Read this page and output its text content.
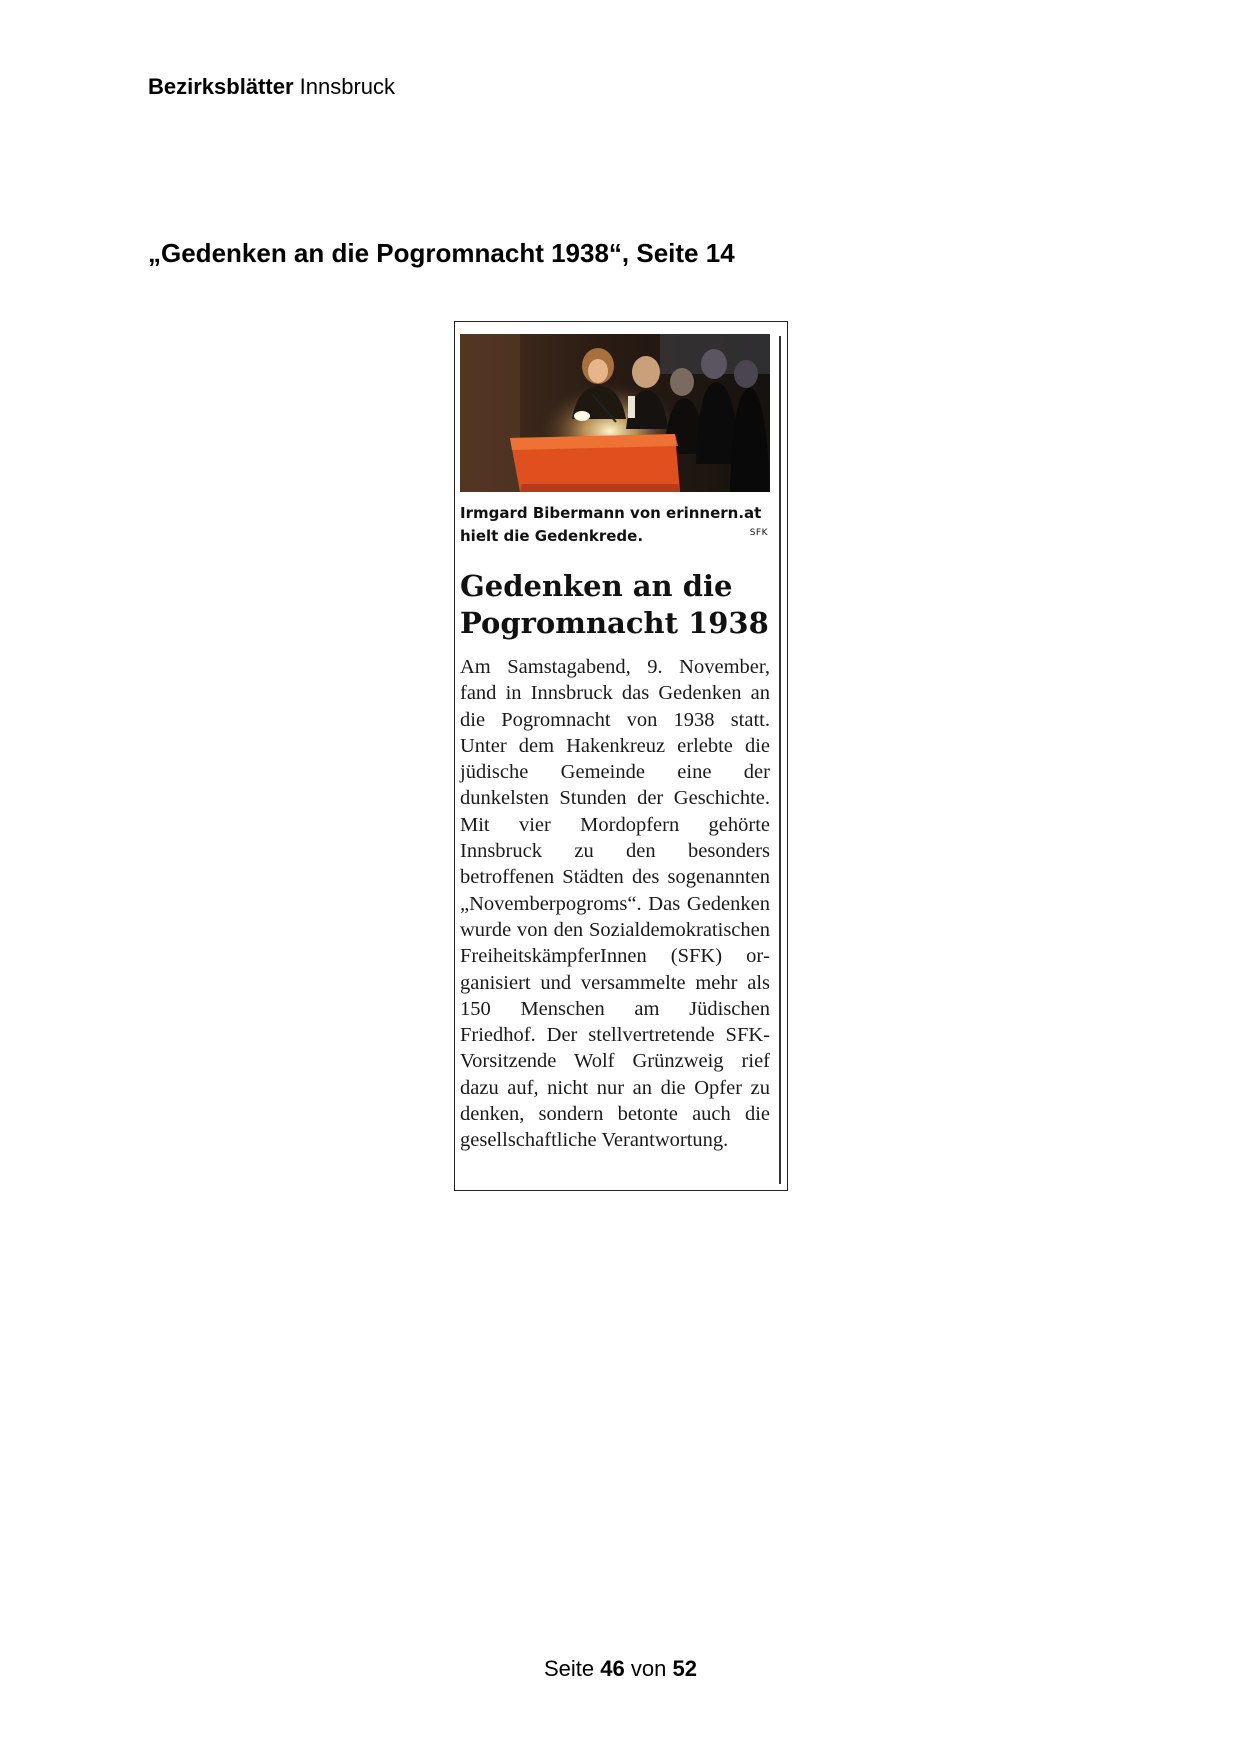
Bezirksblätter Innsbruck
„Gedenken an die Pogromnacht 1938“, Seite 14
Irmgard Bibermann von erinnern.at hielt die Gedenkrede.	SFK
Gedenken an die Pogromnacht 1938
Am Samstagabend, 9. November, fand in Innsbruck das Gedenken an die Pogromnacht von 1938 statt. Unter dem Hakenkreuz erlebte die jüdische Gemeinde eine der dunkelsten Stunden der Geschichte. Mit vier Mordopfern gehörte Innsbruck zu den besonders betroffenen Städten des sogenannten „Novemberpogroms“. Das Gedenken wurde von den Sozialdemokratischen FreiheitskämpferInnen (SFK) organisiert und versammelte mehr als 150 Menschen am Jüdischen Friedhof. Der stellvertretende SFK-Vorsitzende Wolf Grünzweig rief dazu auf, nicht nur an die Opfer zu denken, sondern betonte auch die gesellschaftliche Verantwortung.
Seite 46 von 52
